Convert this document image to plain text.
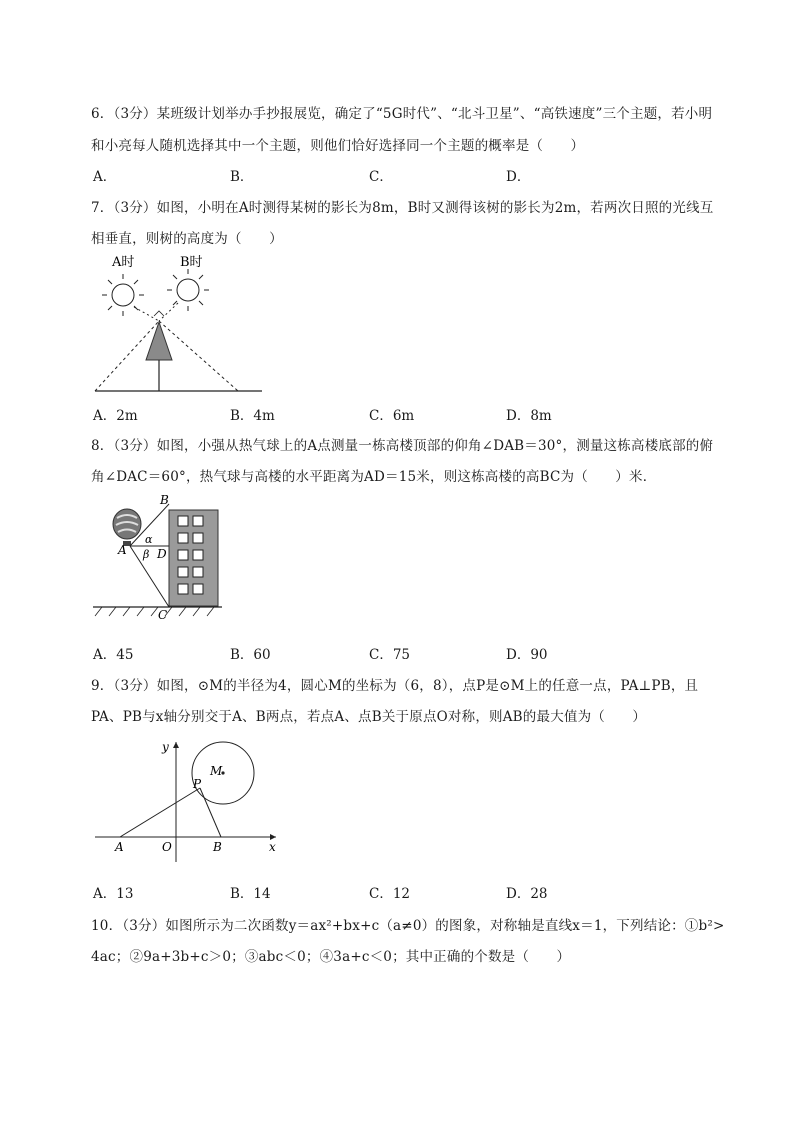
6．（3分）某班级计划举办手抄报展览，确定了“5G时代”、“北斗卫星”、“高铁速度”三个主题，若小明
和小亮每人随机选择其中一个主题，则他们恰好选择同一个主题的概率是（　　）
A．	B．	C．	D．
7．（3分）如图，小明在A时测得某树的影长为8m，B时又测得该树的影长为2m，若两次日照的光线互
相垂直，则树的高度为（　　）
A时	B时
A．2m	B．4m	C．6m	D．8m
8．（3分）如图，小强从热气球上的A点测量一栋高楼顶部的仰角∠DAB＝30°，测量这栋高楼底部的俯
角∠DAC＝60°，热气球与高楼的水平距离为AD＝15米，则这栋高楼的高BC为（　　）米．
B
A	D
C
α
β
A．45	B．60	C．75	D．90
9．（3分）如图，⊙M的半径为4，圆心M的坐标为（6，8），点P是⊙M上的任意一点，PA⊥PB，且
PA、PB与x轴分别交于A、B两点，若点A、点B关于原点O对称，则AB的最大值为（　　）
y
x
M
P
A	O	B
A．13	B．14	C．12	D．28
10．（3分）如图所示为二次函数y＝ax²+bx+c（a≠0）的图象，对称轴是直线x＝1，下列结论：①b²>
4ac；②9a+3b+c＞0；③abc＜0；④3a+c＜0；其中正确的个数是（　　）
